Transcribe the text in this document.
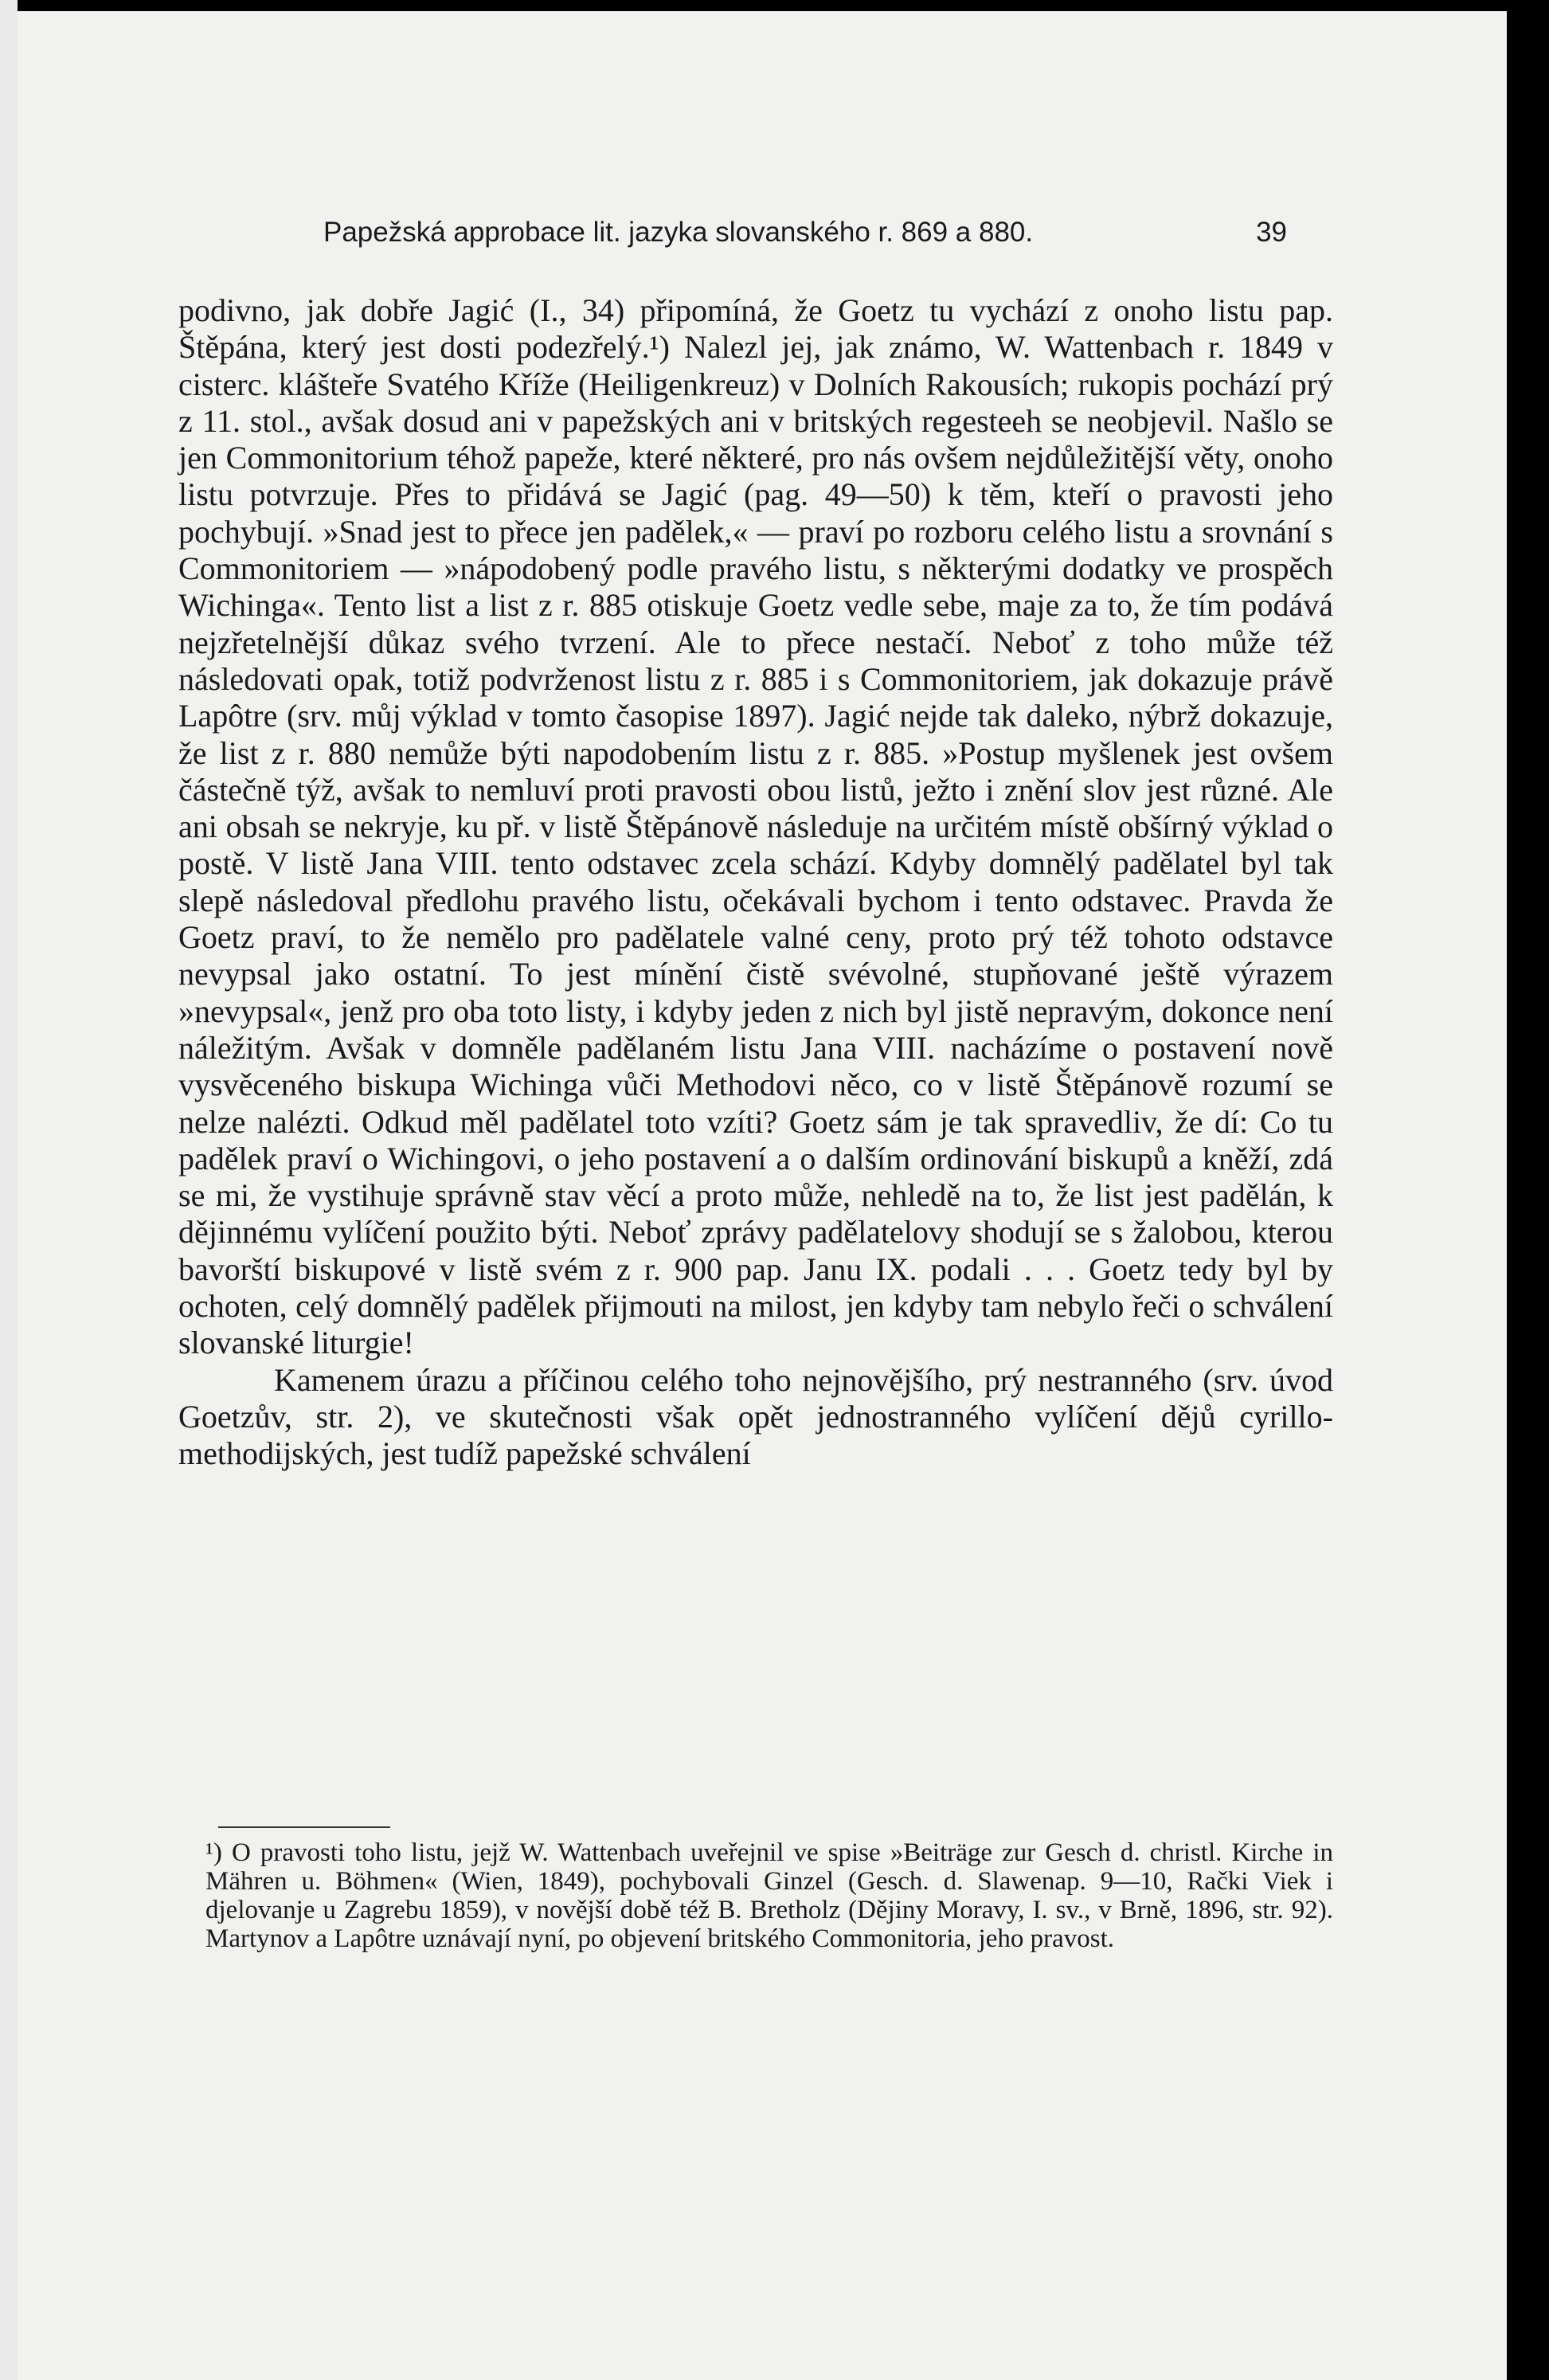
Papežská approbace lit. jazyka slovanského r. 869 a 880.	39

podivno, jak dobře Jagić (I., 34) připomíná, že Goetz tu vychází z onoho listu pap. Štěpána, který jest dosti podezřelý.¹) Nalezl jej, jak známo, W. Wattenbach r. 1849 v cisterc. klášteře Svatého Kříže (Heiligenkreuz) v Dolních Rakousích; rukopis pochází prý z 11. stol., avšak dosud ani v papežských ani v britských regesteeh se neobjevil. Našlo se jen Commonitorium téhož papeže, které některé, pro nás ovšem nejdůležitější věty, onoho listu potvrzuje. Přes to přidává se Jagić (pag. 49—50) k těm, kteří o pravosti jeho pochybují. »Snad jest to přece jen padělek,« — praví po rozboru celého listu a srovnání s Commonitoriem — »nápodobený podle pravého listu, s některými dodatky ve prospěch Wichinga«. Tento list a list z r. 885 otiskuje Goetz vedle sebe, maje za to, že tím podává nejzřetelnější důkaz svého tvrzení. Ale to přece nestačí. Neboť z toho může též následovati opak, totiž podvrženost listu z r. 885 i s Commonitoriem, jak dokazuje právě Lapôtre (srv. můj výklad v tomto časopise 1897). Jagić nejde tak daleko, nýbrž dokazuje, že list z r. 880 nemůže býti napodobením listu z r. 885. »Postup myšlenek jest ovšem částečně týž, avšak to nemluví proti pravosti obou listů, ježto i znění slov jest různé. Ale ani obsah se nekryje, ku př. v listě Štěpánově následuje na určitém místě obšírný výklad o postě. V listě Jana VIII. tento odstavec zcela schází. Kdyby domnělý padělatel byl tak slepě následoval předlohu pravého listu, očekávali bychom i tento odstavec. Pravda že Goetz praví, to že nemělo pro padělatele valné ceny, proto prý též tohoto odstavce nevypsal jako ostatní. To jest mínění čistě svévolné, stupňované ještě výrazem »nevypsal«, jenž pro oba toto listy, i kdyby jeden z nich byl jistě nepravým, dokonce není náležitým. Avšak v domněle padělaném listu Jana VIII. nacházíme o postavení nově vysvěceného biskupa Wichinga vůči Methodovi něco, co v listě Štěpánově rozumí se nelze nalézti. Odkud měl padělatel toto vzíti? Goetz sám je tak spravedliv, že dí: Co tu padělek praví o Wichingovi, o jeho postavení a o dalším ordinování biskupů a kněží, zdá se mi, že vystihuje správně stav věcí a proto může, nehledě na to, že list jest padělán, k dějinnému vylíčení použito býti. Neboť zprávy padělatelovy shodují se s žalobou, kterou bavorští biskupové v listě svém z r. 900 pap. Janu IX. podali . . . Goetz tedy byl by ochoten, celý domnělý padělek přijmouti na milost, jen kdyby tam nebylo řeči o schválení slovanské liturgie!

Kamenem úrazu a příčinou celého toho nejnovějšího, prý nestranného (srv. úvod Goetzův, str. 2), ve skutečnosti však opět jednostranného vylíčení dějů cyrillo-methodijských, jest tudíž papežské schválení

¹) O pravosti toho listu, jejž W. Wattenbach uveřejnil ve spise »Beiträge zur Gesch d. christl. Kirche in Mähren u. Böhmen« (Wien, 1849), pochybovali Ginzel (Gesch. d. Slawenap. 9—10, Rački Viek i djelovanje u Zagrebu 1859), v novější době též B. Bretholz (Dějiny Moravy, I. sv., v Brně, 1896, str. 92). Martynov a Lapôtre uznávají nyní, po objevení britského Commonitoria, jeho pravost.
